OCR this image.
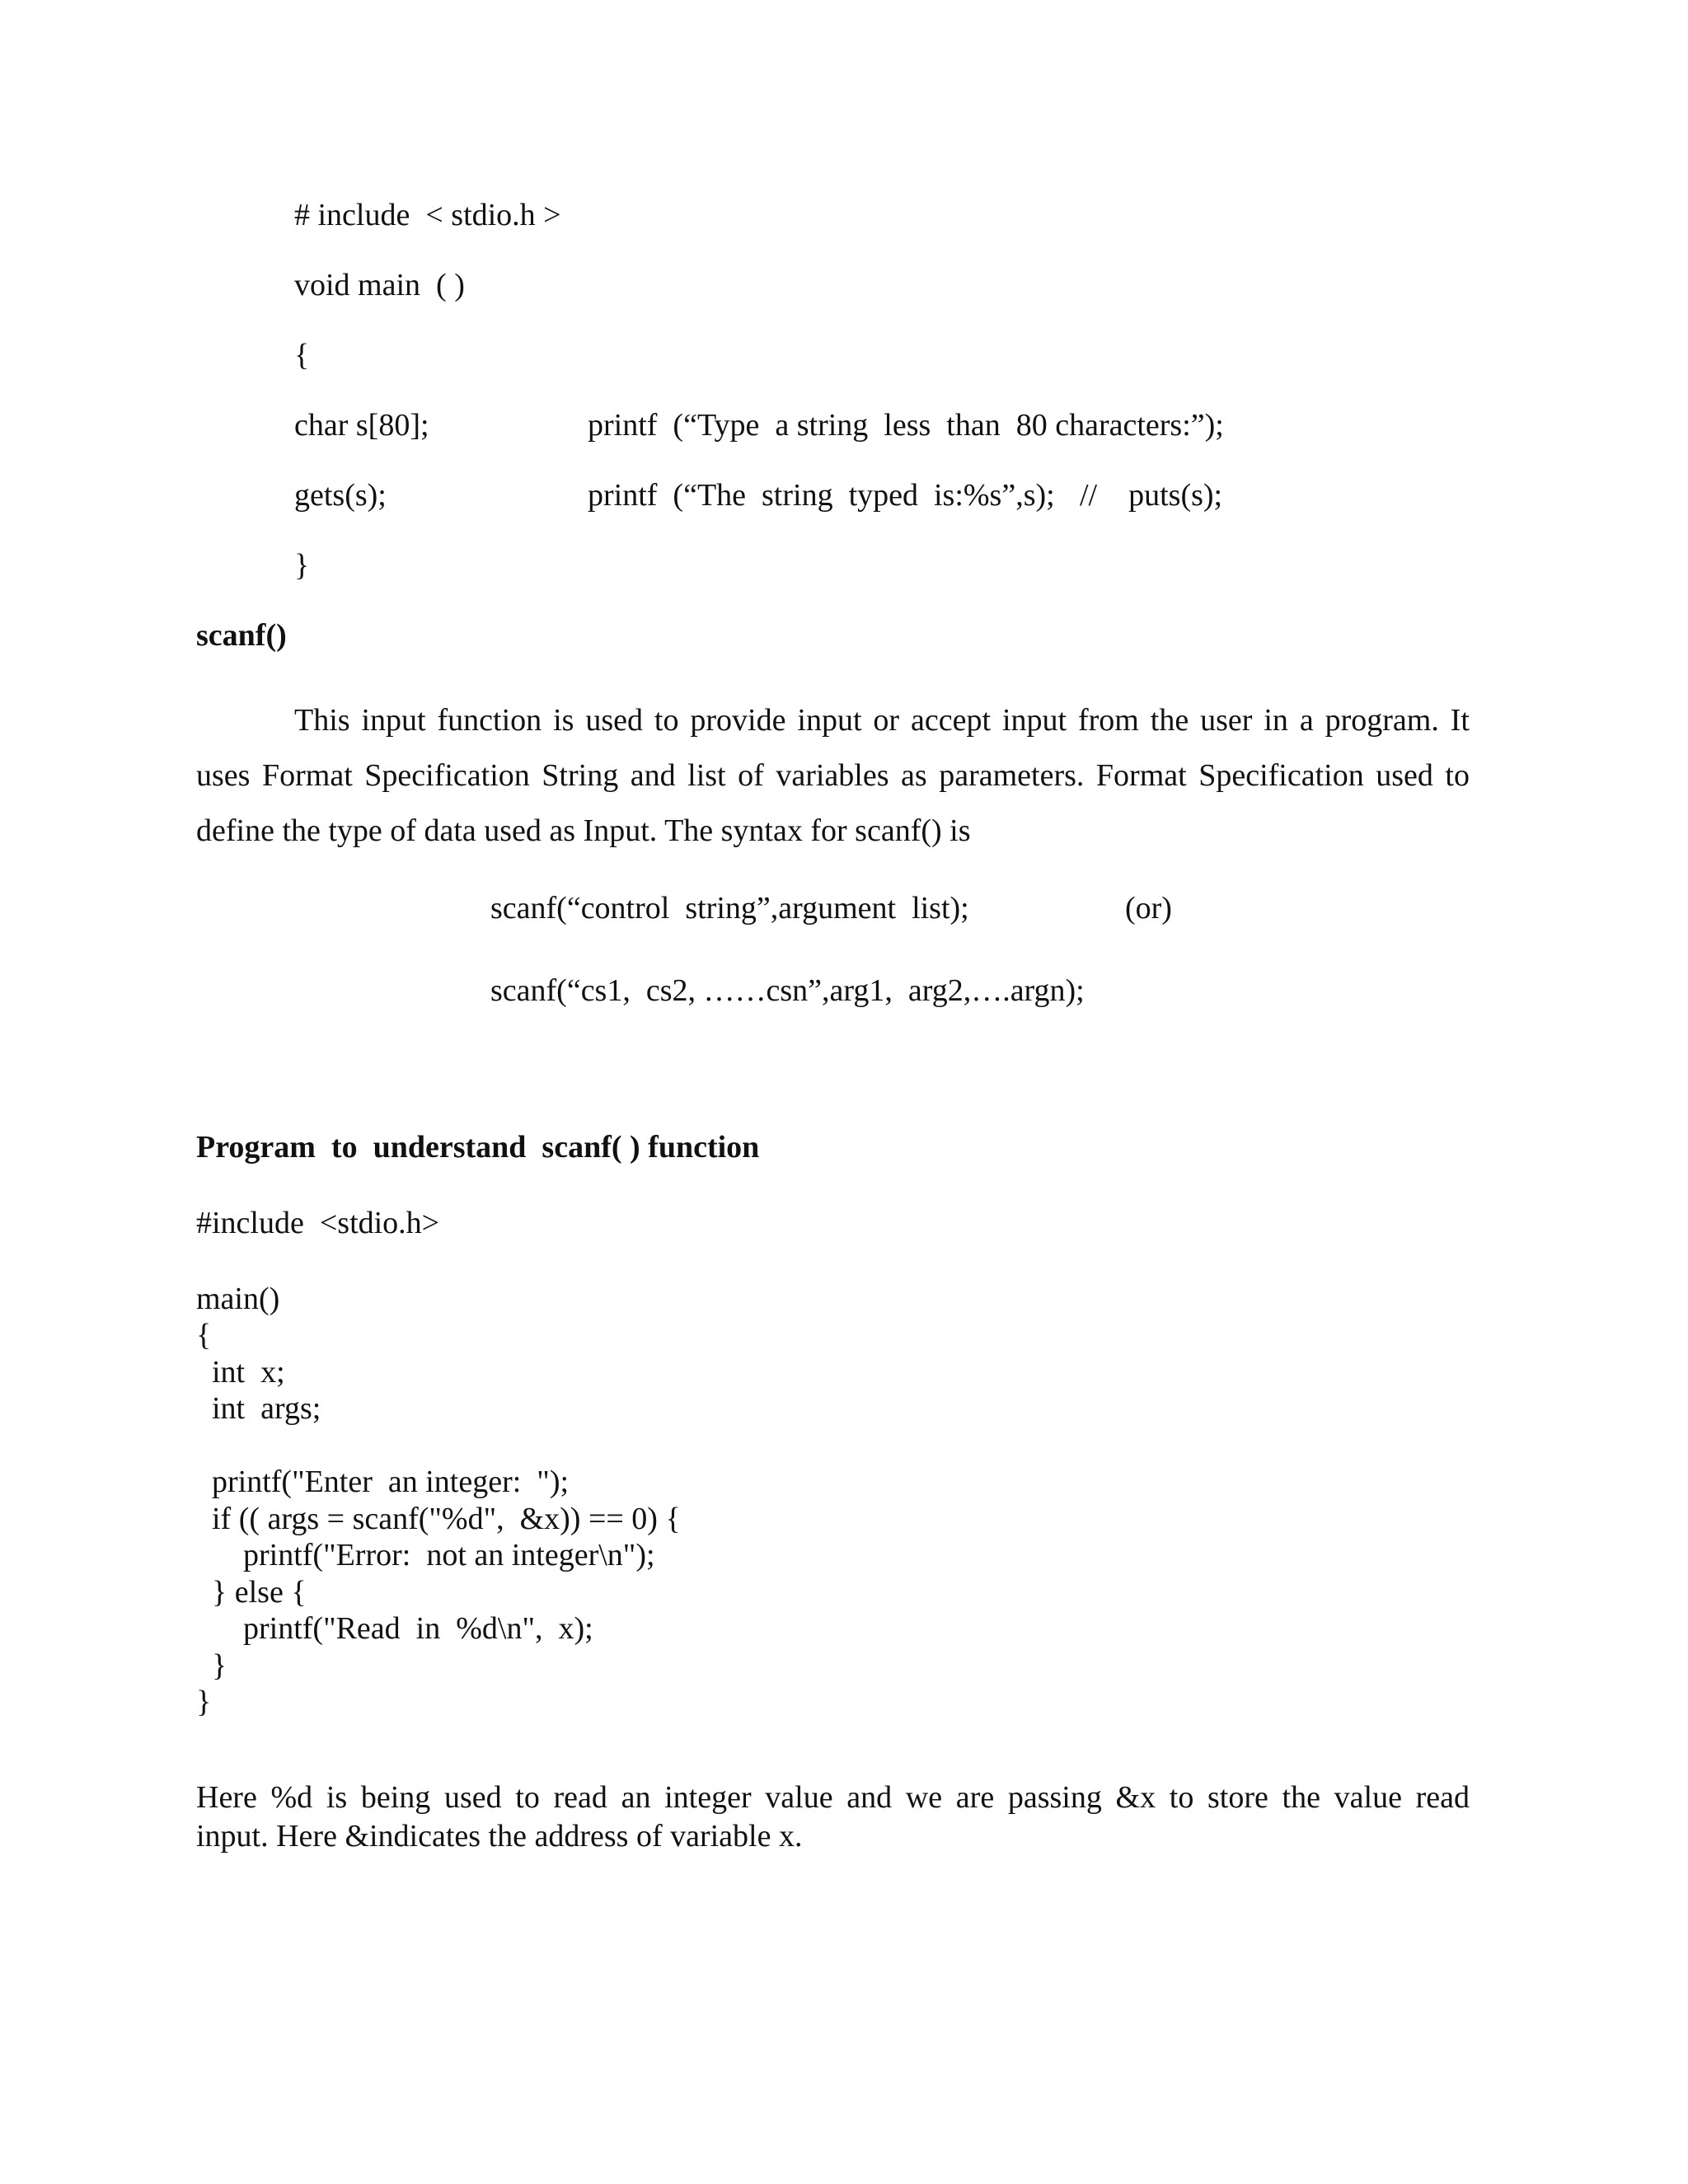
# include  < stdio.h >
void main  ( )
{
char s[80];	printf  (“Type  a string  less  than  80 characters:”);
gets(s);	printf  (“The  string  typed  is:%s”,s); //    puts(s);
}
scanf()
This input function is used to provide input or accept input from the user in a program. It
uses Format Specification String and list of variables as parameters. Format Specification used to
define the type of data used as Input. The syntax for scanf() is
scanf(“control  string”,argument  list);	(or)
scanf(“cs1,  cs2, ……csn”,arg1,  arg2,….argn);
Program  to  understand  scanf( ) function
#include  <stdio.h>
main()
{
int  x;
int  args;
printf("Enter  an integer:  ");
if (( args = scanf("%d",  &x)) == 0) {
printf("Error:  not an integer\n");
} else {
printf("Read  in  %d\n",  x);
}
}
Here %d is being used to read an integer value and we are passing &x to store the value read
input. Here &indicates the address of variable x.
